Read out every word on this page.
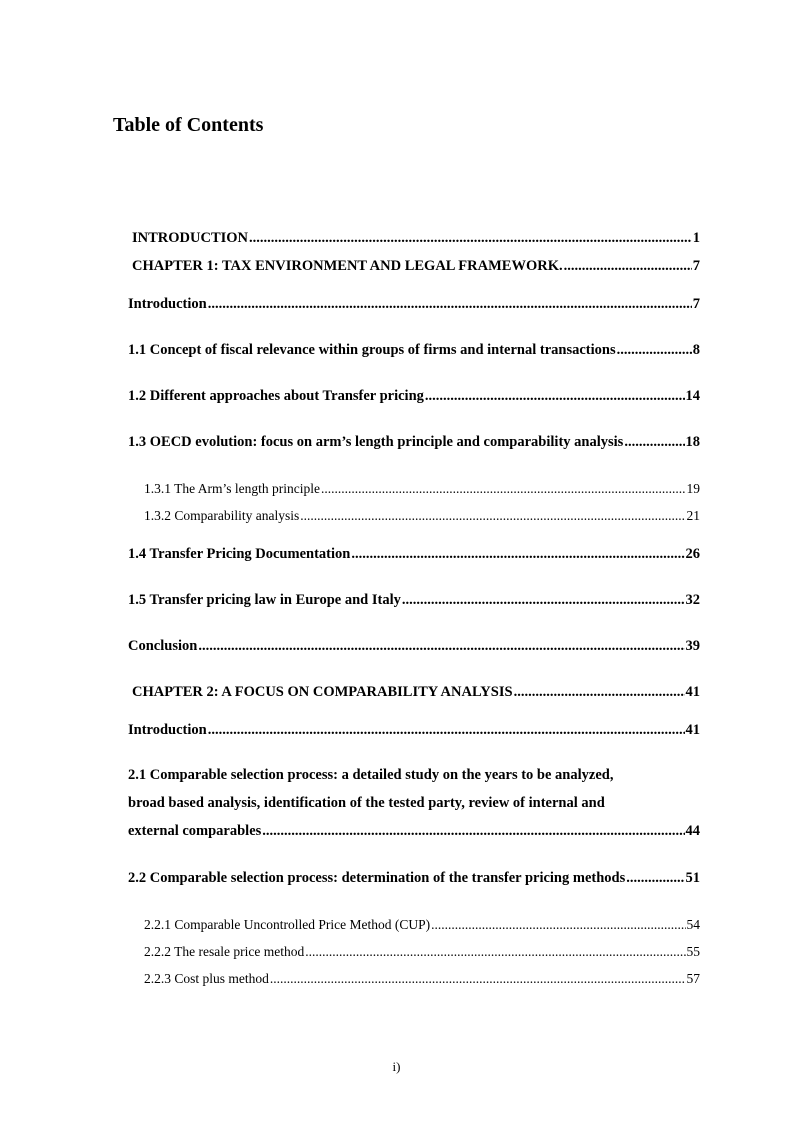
Table of Contents
INTRODUCTION .....	1
CHAPTER 1: TAX ENVIRONMENT AND LEGAL FRAMEWORK. .....	7
Introduction .....	7
1.1 Concept of fiscal relevance within groups of firms and internal transactions .....	8
1.2 Different approaches about Transfer pricing .....	14
1.3 OECD evolution: focus on arm’s length principle and comparability analysis .....	18
1.3.1 The Arm’s length principle .....	19
1.3.2 Comparability analysis .....	21
1.4 Transfer Pricing Documentation .....	26
1.5 Transfer pricing law in Europe and Italy .....	32
Conclusion .....	39
CHAPTER 2: A FOCUS ON COMPARABILITY ANALYSIS .....	41
Introduction .....	41
2.1 Comparable selection process: a detailed study on the years to be analyzed,
broad based analysis, identification of the tested party, review of internal and
external comparables .....	44
2.2 Comparable selection process: determination of the transfer pricing methods .....	51
2.2.1 Comparable Uncontrolled Price Method (CUP) .....	54
2.2.2 The resale price method .....	55
2.2.3 Cost plus method .....	57
i)
